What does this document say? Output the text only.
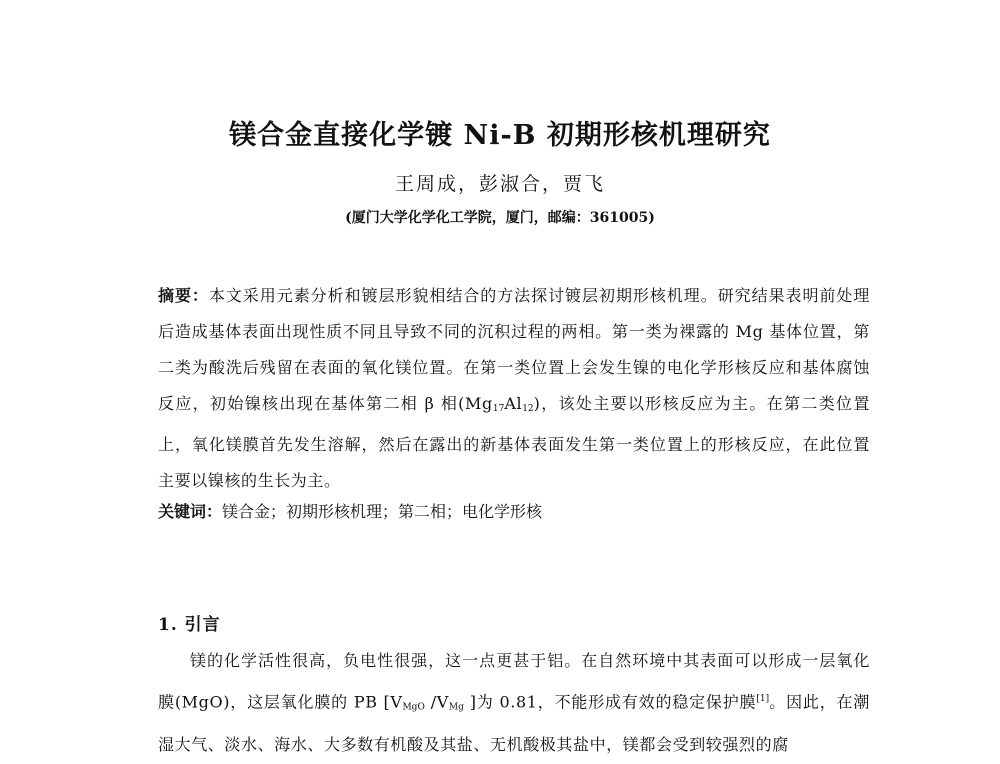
镁合金直接化学镀 Ni-B 初期形核机理研究
王周成，彭淑合，贾飞
(厦门大学化学化工学院，厦门，邮编：361005)
摘要：本文采用元素分析和镀层形貌相结合的方法探讨镀层初期形核机理。研究结果表明前处理后造成基体表面出现性质不同且导致不同的沉积过程的两相。第一类为裸露的 Mg 基体位置，第二类为酸洗后残留在表面的氧化镁位置。在第一类位置上会发生镍的电化学形核反应和基体腐蚀反应，初始镍核出现在基体第二相 β 相$(Mg_{17}Al_{12})$，该处主要以形核反应为主。在第二类位置上，氧化镁膜首先发生溶解，然后在露出的新基体表面发生第一类位置上的形核反应，在此位置主要以镍核的生长为主。
关键词：镁合金；初期形核机理；第二相；电化学形核
1. 引言
镁的化学活性很高，负电性很强，这一点更甚于铝。在自然环境中其表面可以形成一层氧化膜(MgO)，这层氧化膜的 PB [$V_{MgO}$ $/V_{Mg}$ ]为 0.81，不能形成有效的稳定保护膜[1]。因此，在潮湿大气、淡水、海水、大多数有机酸及其盐、无机酸极其盐中，镁都会受到较强烈的腐
